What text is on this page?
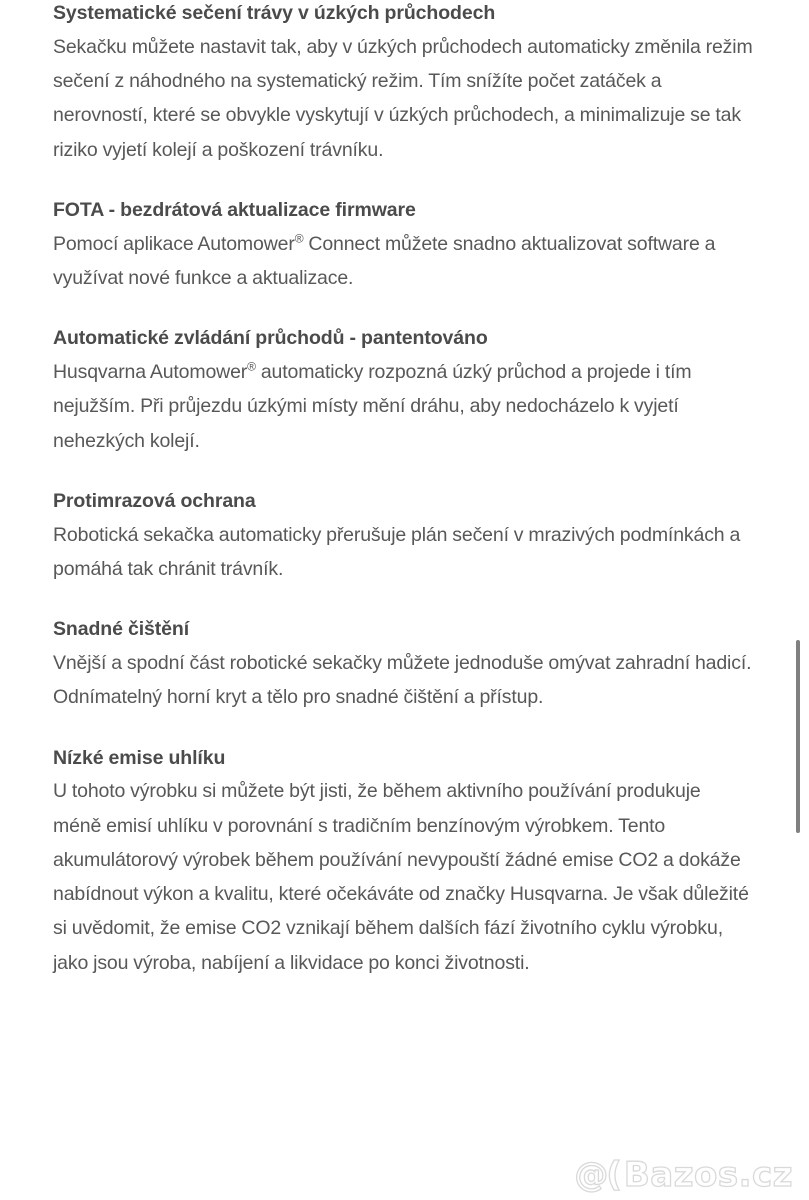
Systematické sečení trávy v úzkých průchodech

Sekačku můžete nastavit tak, aby v úzkých průchodech automaticky změnila režim sečení z náhodného na systematický režim. Tím snížíte počet zatáček a nerovností, které se obvykle vyskytují v úzkých průchodech, a minimalizuje se tak riziko vyjetí kolejí a poškození trávníku.

FOTA - bezdrátová aktualizace firmware

Pomocí aplikace Automower® Connect můžete snadno aktualizovat software a využívat nové funkce a aktualizace.

Automatické zvládání průchodů - pantentováno

Husqvarna Automower® automaticky rozpozná úzký průchod a projede i tím nejužším. Při průjezdu úzkými místy mění dráhu, aby nedocházelo k vyjetí nehezkých kolejí.

Protimrazová ochrana

Robotická sekačka automaticky přerušuje plán sečení v mrazivých podmínkách a pomáhá tak chránit trávník.

Snadné čištění

Vnější a spodní část robotické sekačky můžete jednoduše omývat zahradní hadicí. Odnímatelný horní kryt a tělo pro snadné čištění a přístup.

Nízké emise uhlíku

U tohoto výrobku si můžete být jisti, že během aktivního používání produkuje méně emisí uhlíku v porovnání s tradičním benzínovým výrobkem. Tento akumulátorový výrobek během používání nevypouští žádné emise CO2 a dokáže nabídnout výkon a kvalitu, které očekáváte od značky Husqvarna. Je však důležité si uvědomit, že emise CO2 vznikají během dalších fází životního cyklu výrobku, jako jsou výroba, nabíjení a likvidace po konci životnosti.

@( Bazos.cz
